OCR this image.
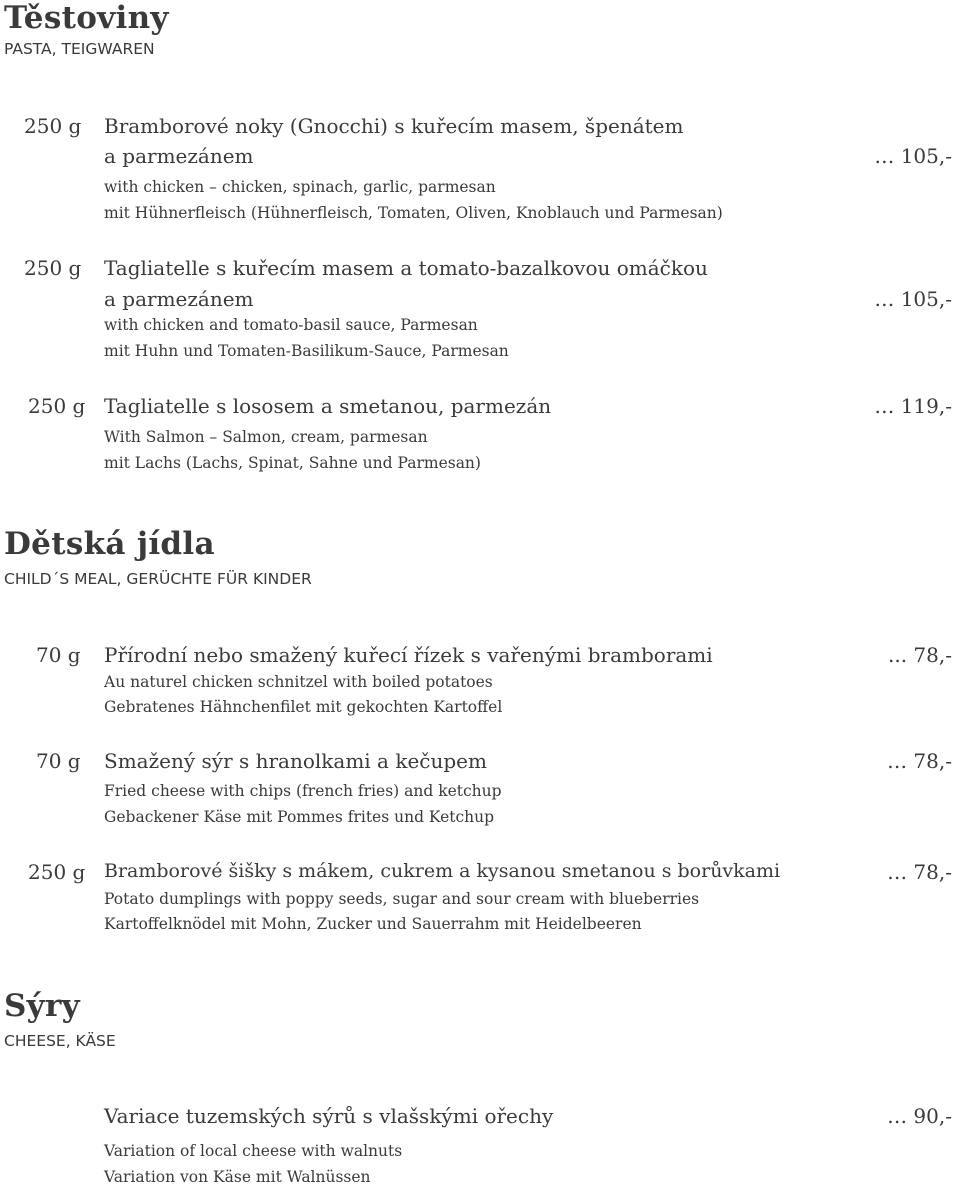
Těstoviny
PASTA, TEIGWAREN
250 g Bramborové noky (Gnocchi) s kuřecím masem, špenátem
a parmezánem	… 105,-
with chicken – chicken, spinach, garlic, parmesan
mit Hühnerfleisch (Hühnerfleisch, Tomaten, Oliven, Knoblauch und Parmesan)
250 g Tagliatelle s kuřecím masem a tomato-bazalkovou omáčkou
a parmezánem	… 105,-
with chicken and tomato-basil sauce, Parmesan
mit Huhn und Tomaten-Basilikum-Sauce, Parmesan
250 g Tagliatelle s lososem a smetanou, parmezán	… 119,-
With Salmon – Salmon, cream, parmesan
mit Lachs (Lachs, Spinat, Sahne und Parmesan)
Dětská jídla
CHILD´S MEAL, GERÜCHTE FÜR KINDER
70 g Přírodní nebo smažený kuřecí řízek s vařenými bramborami	... 78,-
Au naturel chicken schnitzel with boiled potatoes
Gebratenes Hähnchenfilet mit gekochten Kartoffel
70 g Smažený sýr s hranolkami a kečupem	… 78,-
Fried cheese with chips (french fries) and ketchup
Gebackener Käse mit Pommes frites und Ketchup
250 g Bramborové šišky s mákem, cukrem a kysanou smetanou s borůvkami	… 78,-
Potato dumplings with poppy seeds, sugar and sour cream with blueberries
Kartoffelknödel mit Mohn, Zucker und Sauerrahm mit Heidelbeeren
Sýry
CHEESE, KÄSE
Variace tuzemských sýrů s vlašskými ořechy	… 90,-
Variation of local cheese with walnuts
Variation von Käse mit Walnüssen
